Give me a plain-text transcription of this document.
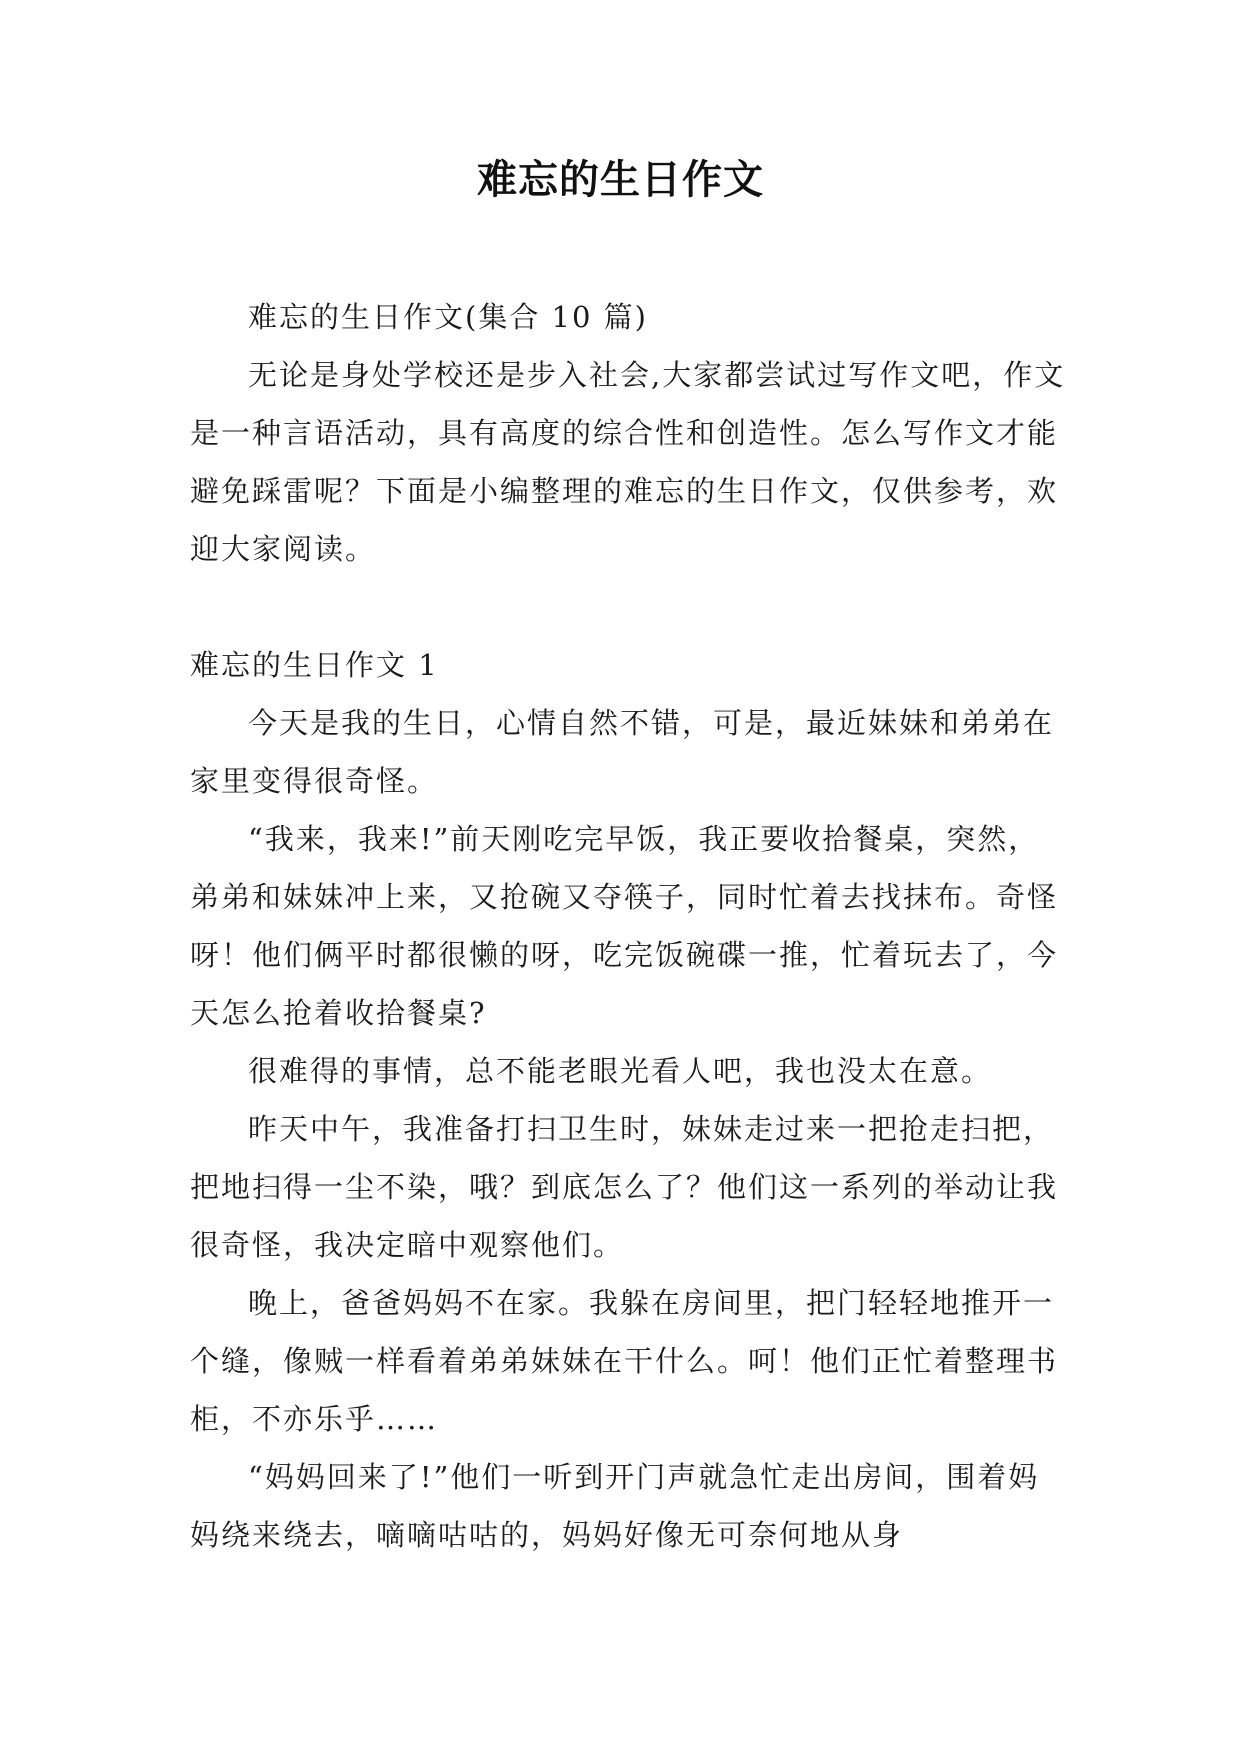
难忘的生日作文

难忘的生日作文(集合 10 篇)

无论是身处学校还是步入社会,大家都尝试过写作文吧，作文是一种言语活动，具有高度的综合性和创造性。怎么写作文才能避免踩雷呢？下面是小编整理的难忘的生日作文，仅供参考，欢迎大家阅读。

难忘的生日作文 1

今天是我的生日，心情自然不错，可是，最近妹妹和弟弟在家里变得很奇怪。

“我来，我来!”前天刚吃完早饭，我正要收拾餐桌，突然，弟弟和妹妹冲上来，又抢碗又夺筷子，同时忙着去找抹布。奇怪呀！他们俩平时都很懒的呀，吃完饭碗碟一推，忙着玩去了，今天怎么抢着收拾餐桌?

很难得的事情，总不能老眼光看人吧，我也没太在意。

昨天中午，我准备打扫卫生时，妹妹走过来一把抢走扫把，把地扫得一尘不染，哦？到底怎么了？他们这一系列的举动让我很奇怪，我决定暗中观察他们。

晚上，爸爸妈妈不在家。我躲在房间里，把门轻轻地推开一个缝，像贼一样看着弟弟妹妹在干什么。呵！他们正忙着整理书柜，不亦乐乎……

“妈妈回来了!”他们一听到开门声就急忙走出房间，围着妈妈绕来绕去，嘀嘀咕咕的，妈妈好像无可奈何地从身
